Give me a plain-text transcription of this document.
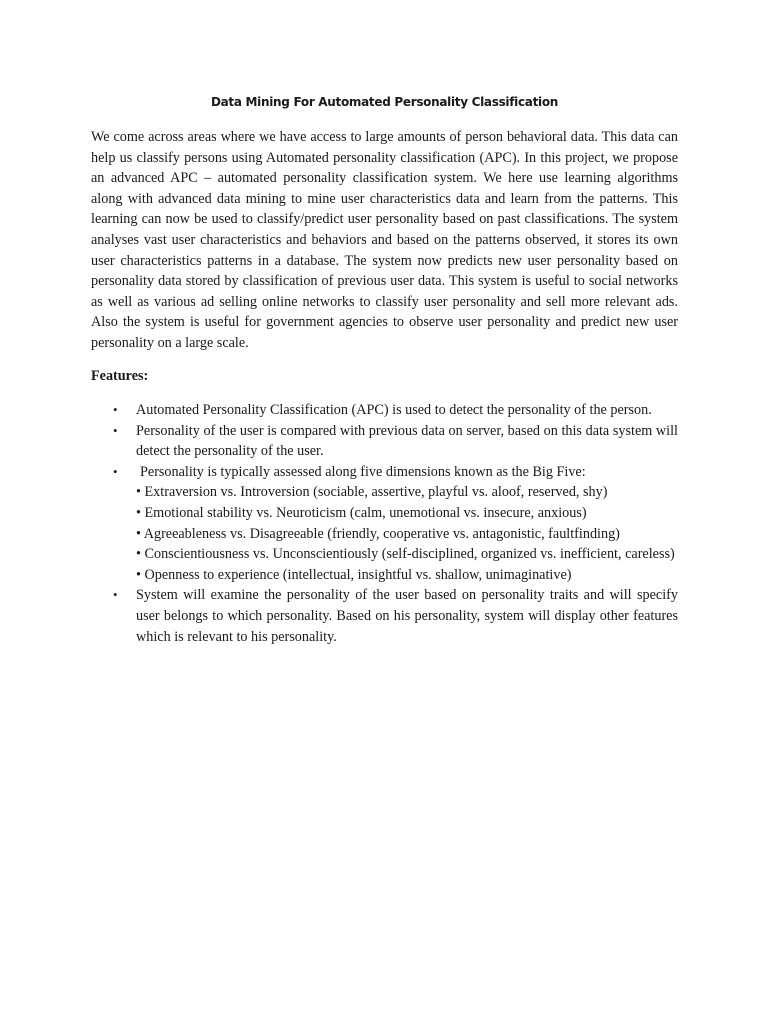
Data Mining For Automated Personality Classification

We come across areas where we have access to large amounts of person behavioral data. This data can help us classify persons using Automated personality classification (APC). In this project, we propose an advanced APC – automated personality classification system. We here use learning algorithms along with advanced data mining to mine user characteristics data and learn from the patterns. This learning can now be used to classify/predict user personality based on past classifications. The system analyses vast user characteristics and behaviors and based on the patterns observed, it stores its own user characteristics patterns in a database. The system now predicts new user personality based on personality data stored by classification of previous user data. This system is useful to social networks as well as various ad selling online networks to classify user personality and sell more relevant ads. Also the system is useful for government agencies to observe user personality and predict new user personality on a large scale.

Features:

• Automated Personality Classification (APC) is used to detect the personality of the person.
• Personality of the user is compared with previous data on server, based on this data system will detect the personality of the user.
• Personality is typically assessed along five dimensions known as the Big Five:
• Extraversion vs. Introversion (sociable, assertive, playful vs. aloof, reserved, shy)
• Emotional stability vs. Neuroticism (calm, unemotional vs. insecure, anxious)
• Agreeableness vs. Disagreeable (friendly, cooperative vs. antagonistic, faultfinding)
• Conscientiousness vs. Unconscientiously (self-disciplined, organized vs. inefficient, careless)
• Openness to experience (intellectual, insightful vs. shallow, unimaginative)
• System will examine the personality of the user based on personality traits and will specify user belongs to which personality. Based on his personality, system will display other features which is relevant to his personality.
